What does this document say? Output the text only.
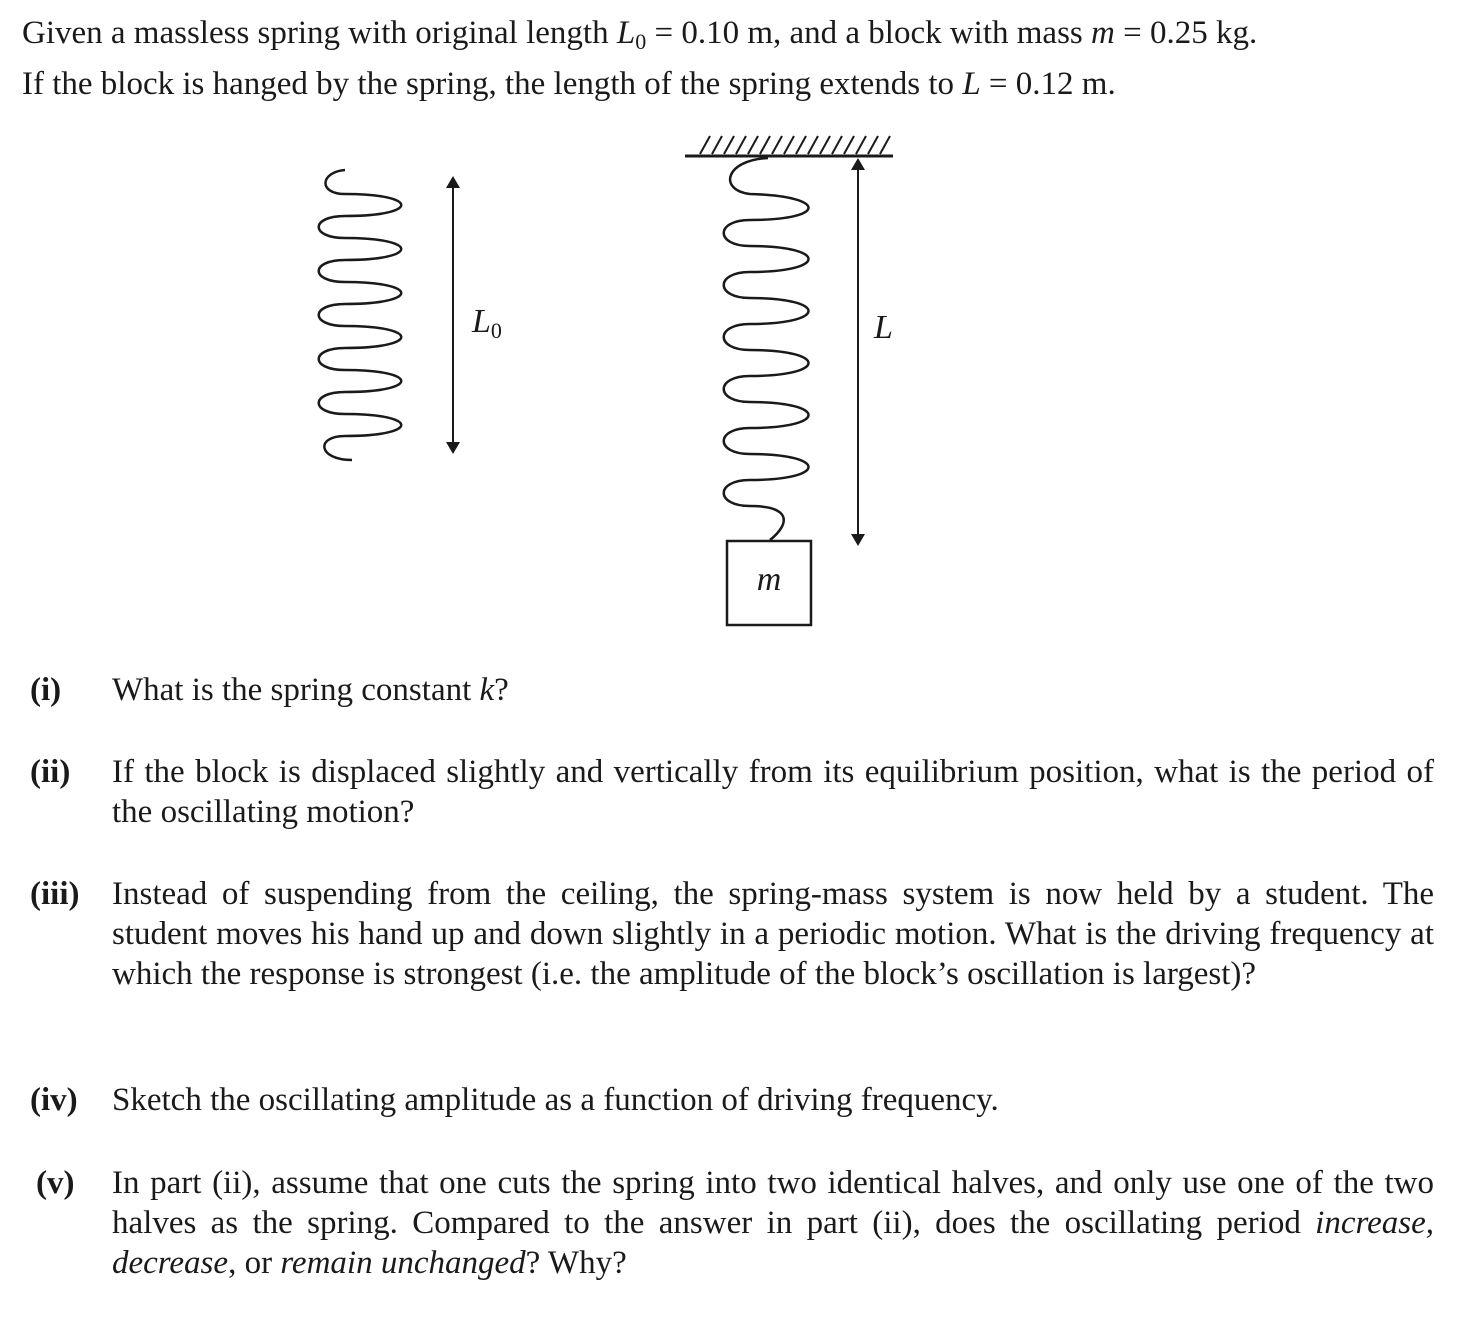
Given a massless spring with original length $L_0 = 0.10$ m, and a block with mass m = 0.25 kg.
If the block is hanged by the spring, the length of the spring extends to L = 0.12 m.
L0	L
m
(i) What is the spring constant k?
(ii) If the block is displaced slightly and vertically from its equilibrium position, what is the period of the oscillating motion?
(iii) Instead of suspending from the ceiling, the spring-mass system is now held by a student. The student moves his hand up and down slightly in a periodic motion. What is the driving frequency at which the response is strongest (i.e. the amplitude of the block’s oscillation is largest)?
(iv) Sketch the oscillating amplitude as a function of driving frequency.
(v) In part (ii), assume that one cuts the spring into two identical halves, and only use one of the two halves as the spring. Compared to the answer in part (ii), does the oscillating period increase, decrease, or remain unchanged? Why?
